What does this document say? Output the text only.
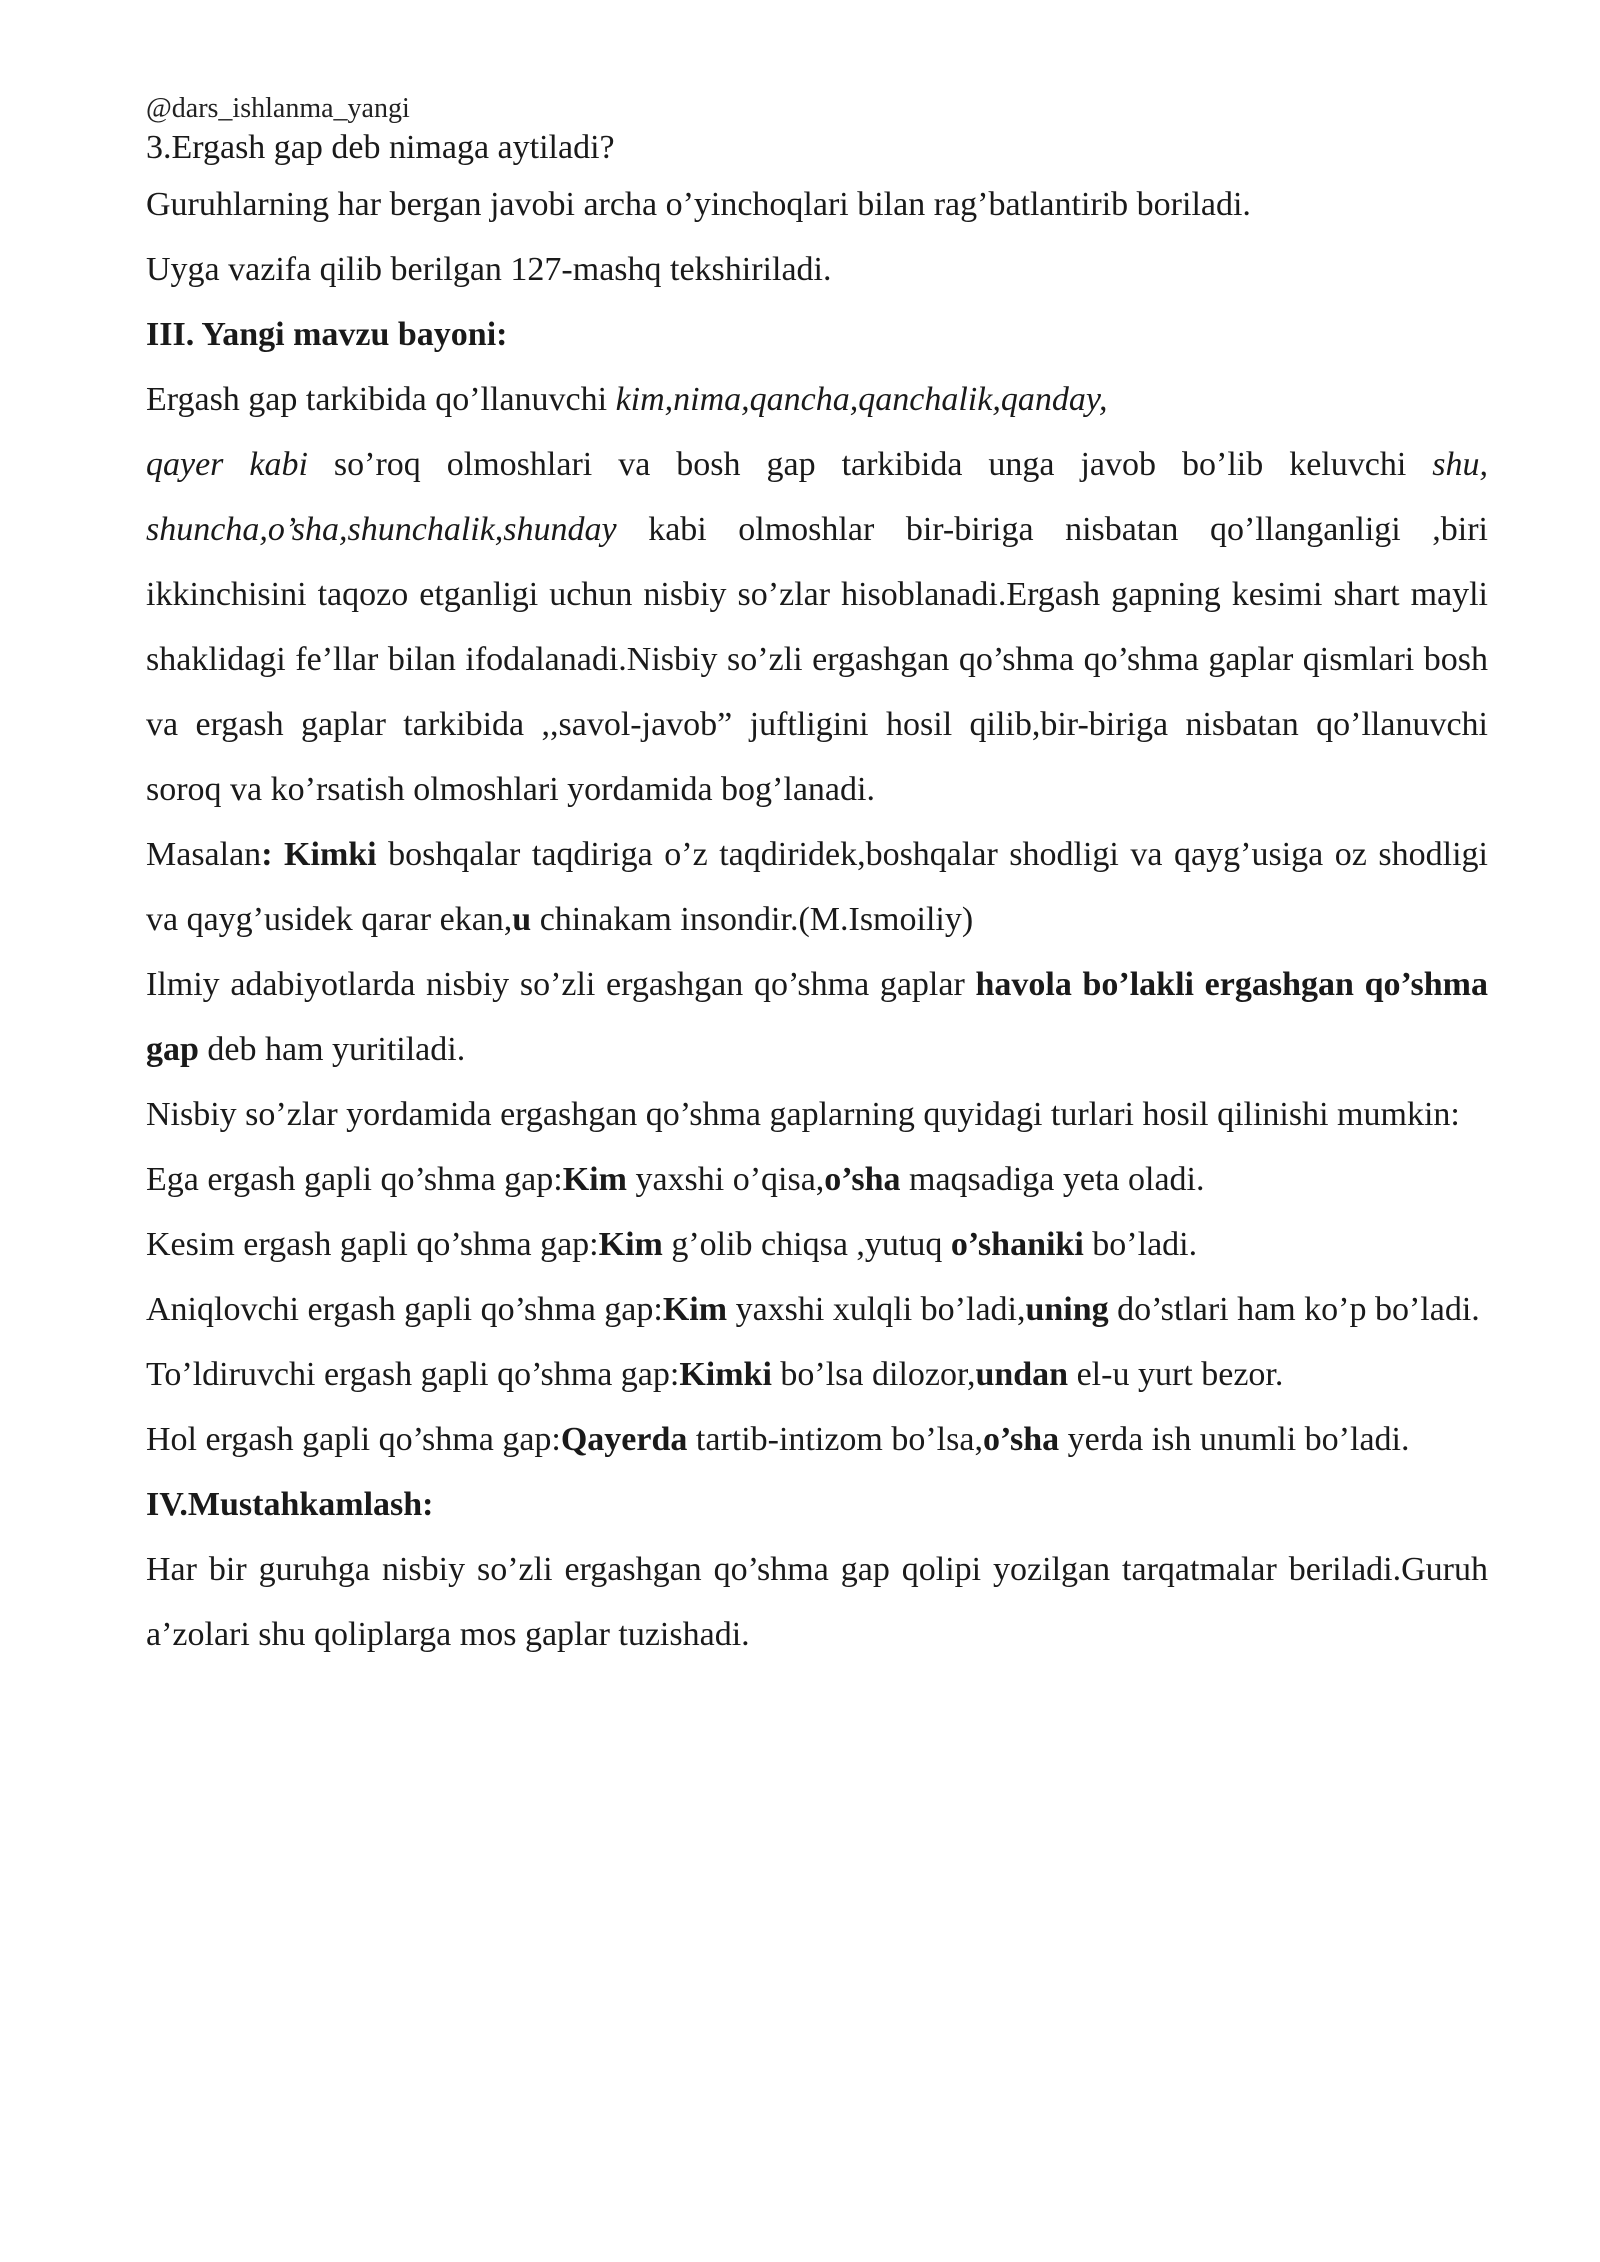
@dars_ishlanma_yangi
3.Ergash gap deb nimaga aytiladi?
Guruhlarning har bergan javobi archa o’yinchoqlari bilan rag’batlantirib boriladi.
Uyga vazifa qilib berilgan 127-mashq tekshiriladi.
III. Yangi mavzu bayoni:
Ergash gap tarkibida qo’llanuvchi kim,nima,qancha,qanchalik,qanday,
qayer kabi so’roq olmoshlari va bosh gap tarkibida unga javob bo’lib keluvchi shu, shuncha,o’sha,shunchalik,shunday kabi olmoshlar bir-biriga nisbatan qo’llanganligi ,biri ikkinchisini taqozo etganligi uchun nisbiy so’zlar hisoblanadi.Ergash gapning kesimi shart mayli shaklidagi fe’llar bilan ifodalanadi.Nisbiy so’zli ergashgan qo’shma qo’shma gaplar qismlari bosh va ergash gaplar tarkibida ,,savol-javob” juftligini hosil qilib,bir-biriga nisbatan qo’llanuvchi soroq va ko’rsatish olmoshlari yordamida bog’lanadi.
Masalan: Kimki boshqalar taqdiriga o’z taqdiridek,boshqalar shodligi va qayg’usiga oz shodligi va qayg’usidek qarar ekan,u chinakam insondir.(M.Ismoiliy)
Ilmiy adabiyotlarda nisbiy so’zli ergashgan qo’shma gaplar havola bo’lakli ergashgan qo’shma gap deb ham yuritiladi.
Nisbiy so’zlar yordamida ergashgan qo’shma gaplarning quyidagi turlari hosil qilinishi mumkin:
Ega ergash gapli qo’shma gap:Kim yaxshi o’qisa,o’sha maqsadiga yeta oladi.
Kesim ergash gapli qo’shma gap:Kim g’olib chiqsa ,yutuq o’shaniki bo’ladi.
Aniqlovchi ergash gapli qo’shma gap:Kim yaxshi xulqli bo’ladi,uning do’stlari ham ko’p bo’ladi.
To’ldiruvchi ergash gapli qo’shma gap:Kimki bo’lsa dilozor,undan el-u yurt bezor.
Hol ergash gapli qo’shma gap:Qayerda tartib-intizom bo’lsa,o’sha yerda ish unumli bo’ladi.
IV.Mustahkamlash:
Har bir guruhga nisbiy so’zli ergashgan qo’shma gap qolipi yozilgan tarqatmalar beriladi.Guruh a’zolari shu qoliplarga mos gaplar tuzishadi.
